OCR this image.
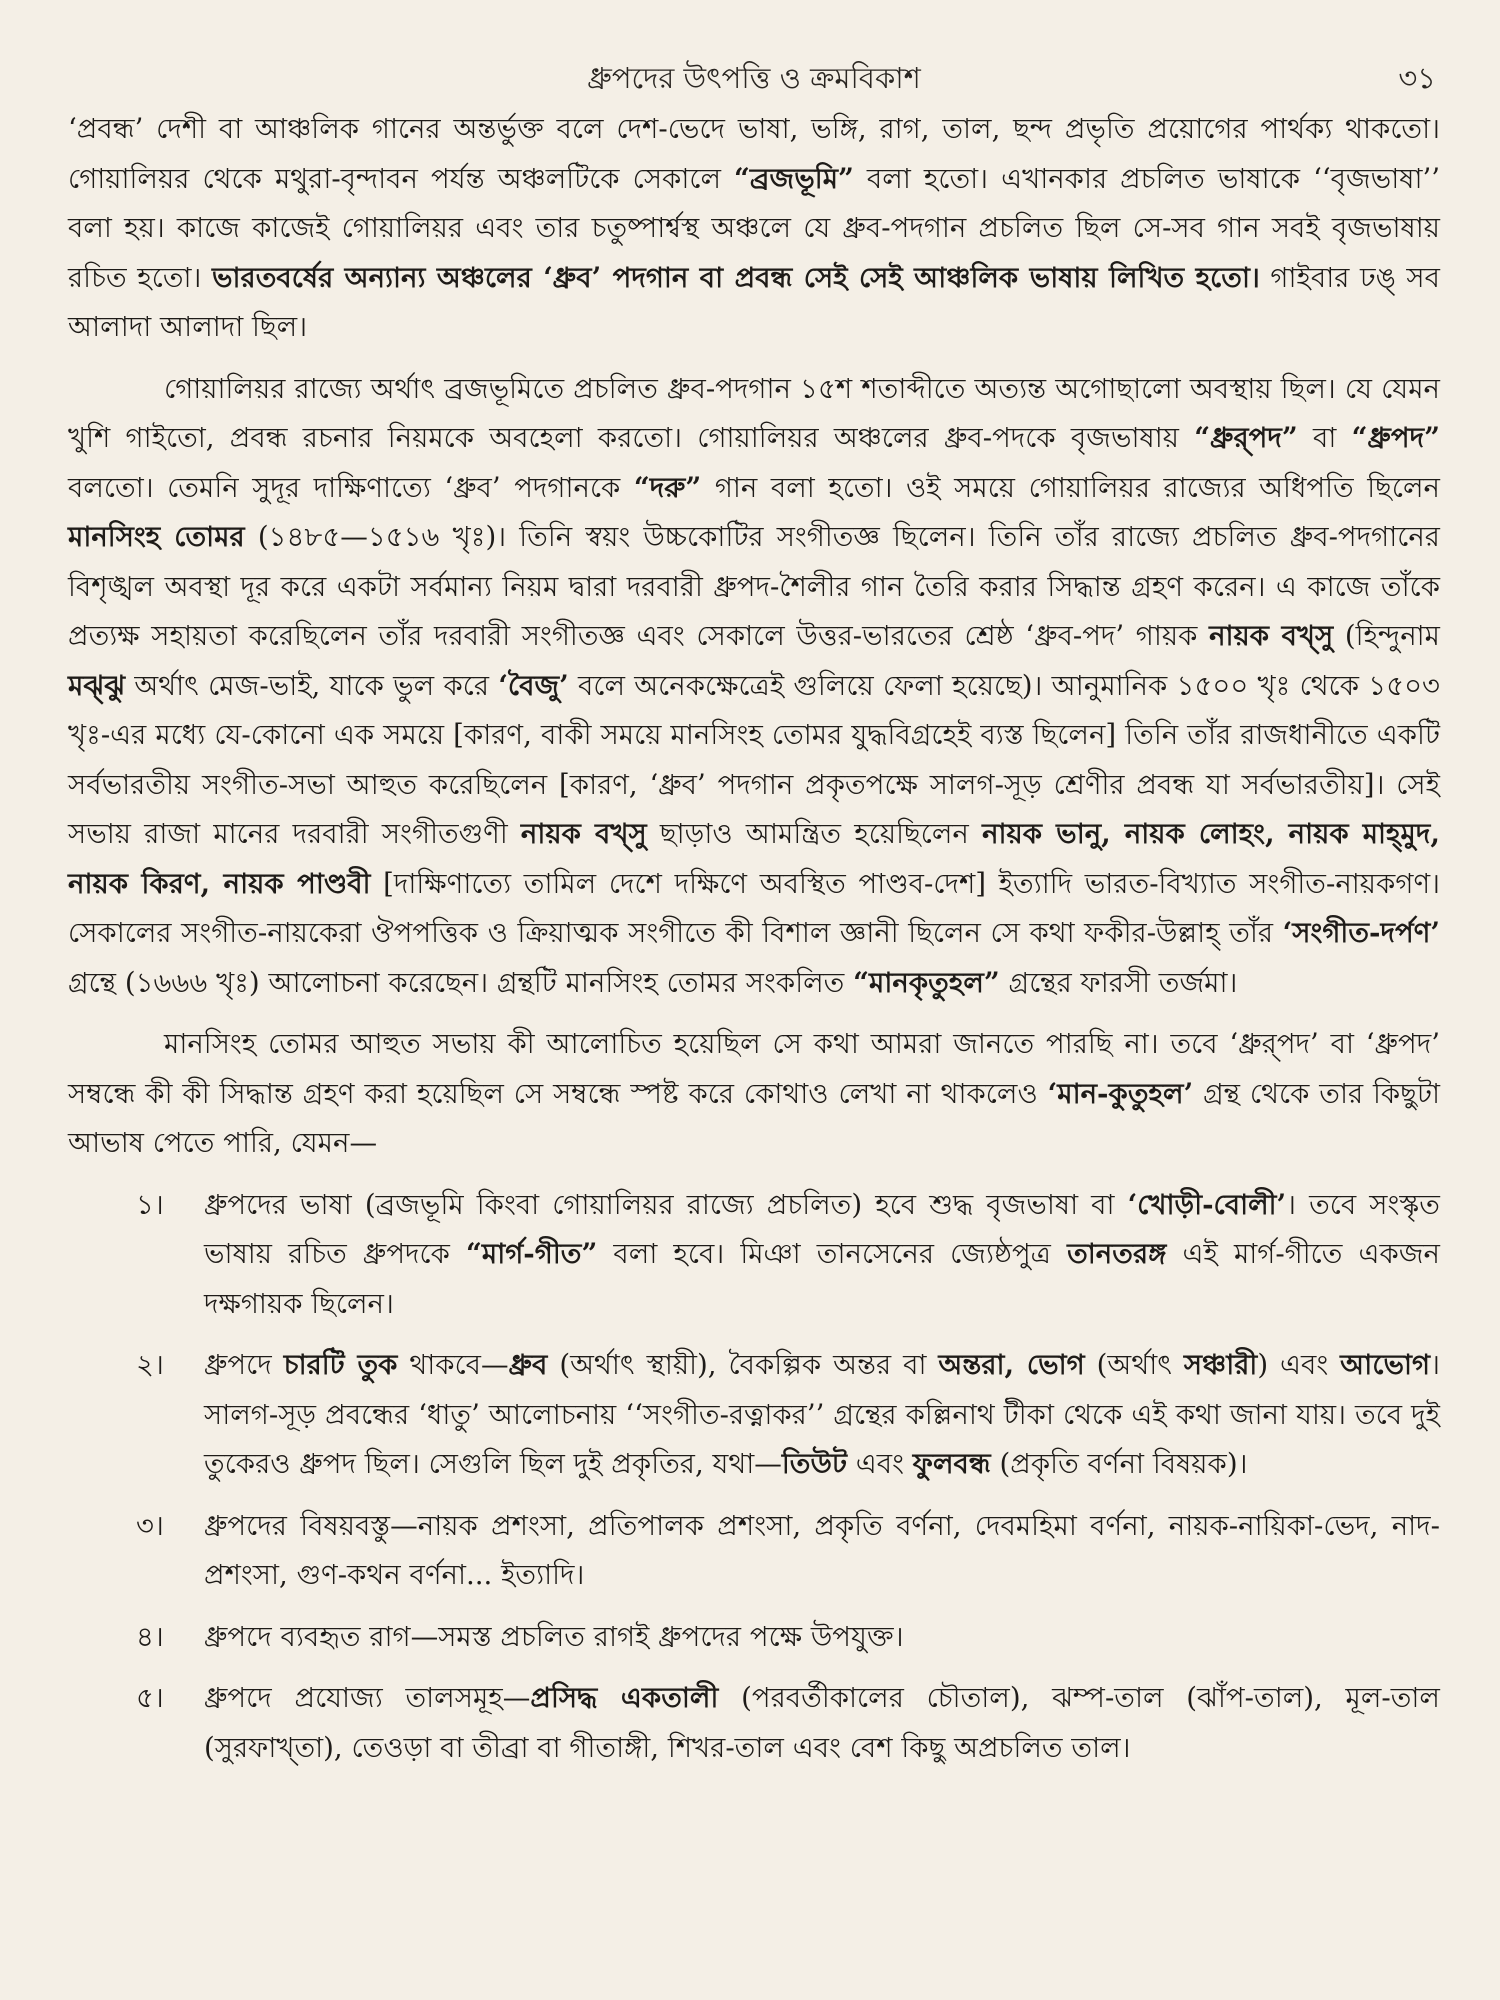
ধ্রুপদের উৎপত্তি ও ক্রমবিকাশ	৩১

‘প্রবন্ধ’ দেশী বা আঞ্চলিক গানের অন্তর্ভুক্ত বলে দেশ-ভেদে ভাষা, ভঙ্গি, রাগ, তাল, ছন্দ প্রভৃতি প্রয়োগের পার্থক্য থাকতো। গোয়ালিয়র থেকে মথুরা-বৃন্দাবন পর্যন্ত অঞ্চলটিকে সেকালে “ব্রজভূমি” বলা হতো। এখানকার প্রচলিত ভাষাকে ‘‘বৃজভাষা’’ বলা হয়। কাজে কাজেই গোয়ালিয়র এবং তার চতুষ্পার্শ্বস্থ অঞ্চলে যে ধ্রুব-পদগান প্রচলিত ছিল সে-সব গান সবই বৃজভাষায় রচিত হতো। ভারতবর্ষের অন্যান্য অঞ্চলের ‘ধ্রুব’ পদগান বা প্রবন্ধ সেই সেই আঞ্চলিক ভাষায় লিখিত হতো। গাইবার ঢঙ্‌ সব আলাদা আলাদা ছিল।

গোয়ালিয়র রাজ্যে অর্থাৎ ব্রজভূমিতে প্রচলিত ধ্রুব-পদগান ১৫শ শতাব্দীতে অত্যন্ত অগোছালো অবস্থায় ছিল। যে যেমন খুশি গাইতো, প্রবন্ধ রচনার নিয়মকে অবহেলা করতো। গোয়ালিয়র অঞ্চলের ধ্রুব-পদকে বৃজভাষায় “ধ্রুর্‌পদ” বা “ধ্রুপদ” বলতো। তেমনি সুদূর দাক্ষিণাত্যে ‘ধ্রুব’ পদগানকে “দরু” গান বলা হতো। ওই সময়ে গোয়ালিয়র রাজ্যের অধিপতি ছিলেন মানসিংহ তোমর (১৪৮৫—১৫১৬ খৃঃ)। তিনি স্বয়ং উচ্চকোটির সংগীতজ্ঞ ছিলেন। তিনি তাঁর রাজ্যে প্রচলিত ধ্রুব-পদগানের বিশৃঙ্খল অবস্থা দূর করে একটা সর্বমান্য নিয়ম দ্বারা দরবারী ধ্রুপদ-শৈলীর গান তৈরি করার সিদ্ধান্ত গ্রহণ করেন। এ কাজে তাঁকে প্রত্যক্ষ সহায়তা করেছিলেন তাঁর দরবারী সংগীতজ্ঞ এবং সেকালে উত্তর-ভারতের শ্রেষ্ঠ ‘ধ্রুব-পদ’ গায়ক নায়ক বখ্‌সু (হিন্দুনাম মঝ্‌ঝু অর্থাৎ মেজ-ভাই, যাকে ভুল করে ‘বৈজু’ বলে অনেকক্ষেত্রেই গুলিয়ে ফেলা হয়েছে)। আনুমানিক ১৫০০ খৃঃ থেকে ১৫০৩ খৃঃ-এর মধ্যে যে-কোনো এক সময়ে [কারণ, বাকী সময়ে মানসিংহ তোমর যুদ্ধবিগ্রহেই ব্যস্ত ছিলেন] তিনি তাঁর রাজধানীতে একটি সর্বভারতীয় সংগীত-সভা আহুত করেছিলেন [কারণ, ‘ধ্রুব’ পদগান প্রকৃতপক্ষে সালগ-সূড় শ্রেণীর প্রবন্ধ যা সর্বভারতীয়]। সেই সভায় রাজা মানের দরবারী সংগীতগুণী নায়ক বখ্‌সু ছাড়াও আমন্ত্রিত হয়েছিলেন নায়ক ভানু, নায়ক লোহং, নায়ক মাহ্‌মুদ, নায়ক কিরণ, নায়ক পাণ্ডবী [দাক্ষিণাত্যে তামিল দেশে দক্ষিণে অবস্থিত পাণ্ডব-দেশ] ইত্যাদি ভারত-বিখ্যাত সংগীত-নায়কগণ। সেকালের সংগীত-নায়কেরা ঔপপত্তিক ও ক্রিয়াত্মক সংগীতে কী বিশাল জ্ঞানী ছিলেন সে কথা ফকীর-উল্লাহ্‌ তাঁর ‘সংগীত-দর্পণ’ গ্রন্থে (১৬৬৬ খৃঃ) আলোচনা করেছেন। গ্রন্থটি মানসিংহ তোমর সংকলিত “মানকৃতুহল” গ্রন্থের ফারসী তর্জমা।

মানসিংহ তোমর আহুত সভায় কী আলোচিত হয়েছিল সে কথা আমরা জানতে পারছি না। তবে ‘ধ্রুর্‌পদ’ বা ‘ধ্রুপদ’ সম্বন্ধে কী কী সিদ্ধান্ত গ্রহণ করা হয়েছিল সে সম্বন্ধে স্পষ্ট করে কোথাও লেখা না থাকলেও ‘মান-কুতুহল’ গ্রন্থ থেকে তার কিছুটা আভাষ পেতে পারি, যেমন—

১।	ধ্রুপদের ভাষা (ব্রজভূমি কিংবা গোয়ালিয়র রাজ্যে প্রচলিত) হবে শুদ্ধ বৃজভাষা বা ‘খোড়ী-বোলী’। তবে সংস্কৃত ভাষায় রচিত ধ্রুপদকে “মার্গ-গীত” বলা হবে। মিঞা তানসেনের জ্যেষ্ঠপুত্র তানতরঙ্গ এই মার্গ-গীতে একজন দক্ষগায়ক ছিলেন।
২।	ধ্রুপদে চারটি তুক থাকবে—ধ্রুব (অর্থাৎ স্থায়ী), বৈকল্পিক অন্তর বা অন্তরা, ভোগ (অর্থাৎ সঞ্চারী) এবং আভোগ। সালগ-সূড় প্রবন্ধের ‘ধাতু’ আলোচনায় ‘‘সংগীত-রত্নাকর’’ গ্রন্থের কল্লিনাথ টীকা থেকে এই কথা জানা যায়। তবে দুই তুকেরও ধ্রুপদ ছিল। সেগুলি ছিল দুই প্রকৃতির, যথা—তিউট এবং ফুলবন্ধ (প্রকৃতি বর্ণনা বিষয়ক)।
৩।	ধ্রুপদের বিষয়বস্তু—নায়ক প্রশংসা, প্রতিপালক প্রশংসা, প্রকৃতি বর্ণনা, দেবমহিমা বর্ণনা, নায়ক-নায়িকা-ভেদ, নাদ-প্রশংসা, গুণ-কথন বর্ণনা... ইত্যাদি।
৪।	ধ্রুপদে ব্যবহৃত রাগ—সমস্ত প্রচলিত রাগই ধ্রুপদের পক্ষে উপযুক্ত।
৫।	ধ্রুপদে প্রযোজ্য তালসমূহ—প্রসিদ্ধ একতালী (পরবর্তীকালের চৌতাল), ঝম্প-তাল (ঝাঁপ-তাল), মূল-তাল (সুরফাখ্‌তা), তেওড়া বা তীব্রা বা গীতাঙ্গী, শিখর-তাল এবং বেশ কিছু অপ্রচলিত তাল।
